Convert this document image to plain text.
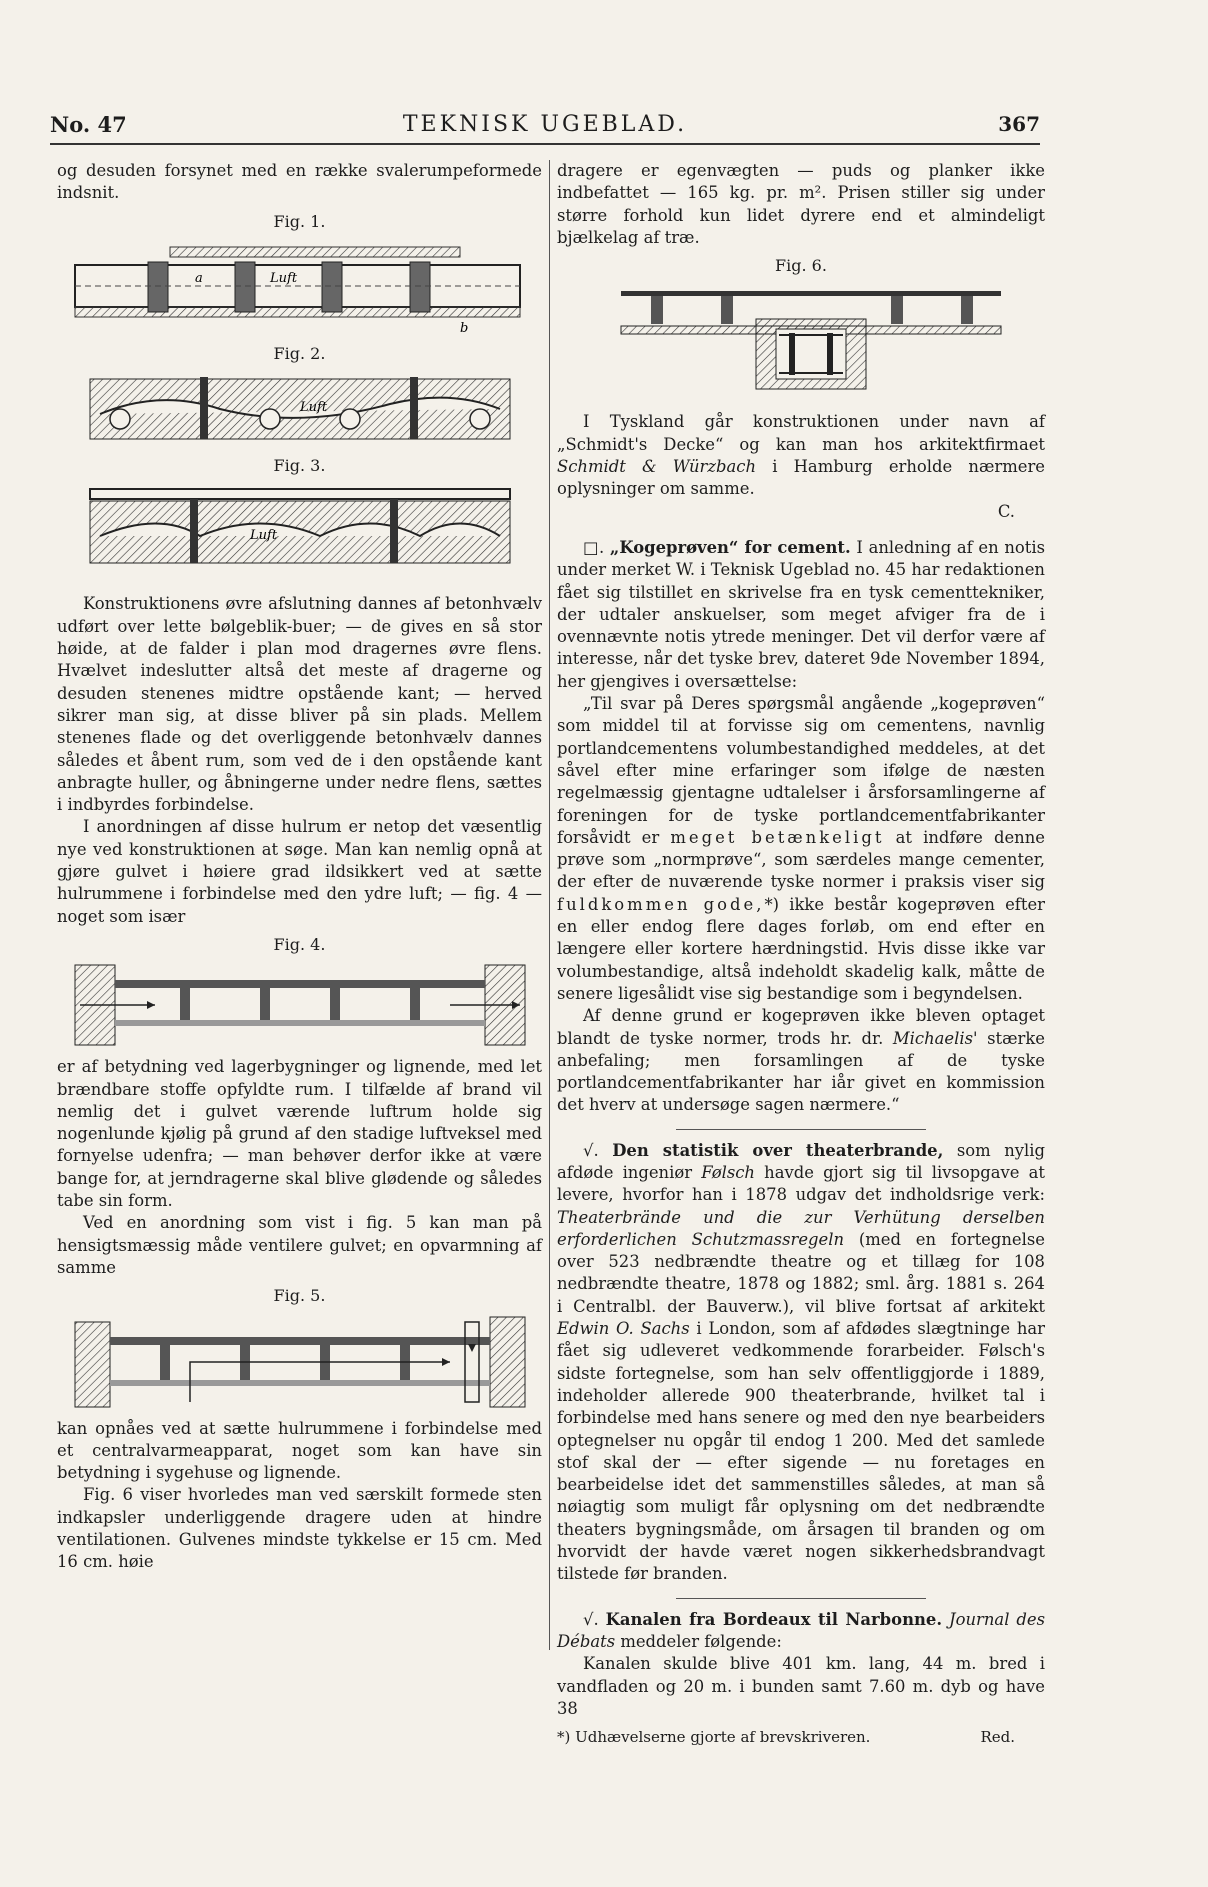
No. 47	TEKNISK UGEBLAD.	367

og desuden forsynet med en række svalerumpeformede indsnit.

Fig. 1.
a	Luft
b
Fig. 2.
Luft
Fig. 3.
Luft

Konstruktionens øvre afslutning dannes af betonhvælv udført over lette bølgeblik-buer; — de gives en så stor høide, at de falder i plan mod dragernes øvre flens. Hvælvet indeslutter altså det meste af dragerne og desuden stenenes midtre opstående kant; — herved sikrer man sig, at disse bliver på sin plads. Mellem stenenes flade og det overliggende betonhvælv dannes således et åbent rum, som ved de i den opstående kant anbragte huller, og åbningerne under nedre flens, sættes i indbyrdes forbindelse.

I anordningen af disse hulrum er netop det væsentlig nye ved konstruktionen at søge. Man kan nemlig opnå at gjøre gulvet i høiere grad ildsikkert ved at sætte hulrummene i forbindelse med den ydre luft; — fig. 4 — noget som især

Fig. 4.

er af betydning ved lagerbygninger og lignende, med let brændbare stoffe opfyldte rum. I tilfælde af brand vil nemlig det i gulvet værende luftrum holde sig nogenlunde kjølig på grund af den stadige luftveksel med fornyelse udenfra; — man behøver derfor ikke at være bange for, at jerndragerne skal blive glødende og således tabe sin form.

Ved en anordning som vist i fig. 5 kan man på hensigtsmæssig måde ventilere gulvet; en opvarmning af samme

Fig. 5.

kan opnåes ved at sætte hulrummene i forbindelse med et centralvarmeapparat, noget som kan have sin betydning i sygehuse og lignende.

Fig. 6 viser hvorledes man ved særskilt formede sten indkapsler underliggende dragere uden at hindre ventilationen. Gulvenes mindste tykkelse er 15 cm. Med 16 cm. høie

dragere er egenvægten — puds og planker ikke indbefattet — 165 kg. pr. m². Prisen stiller sig under større forhold kun lidet dyrere end et almindeligt bjælkelag af træ.

Fig. 6.

I Tyskland går konstruktionen under navn af „Schmidt's Decke“ og kan man hos arkitektfirmaet Schmidt & Würzbach i Hamburg erholde nærmere oplysninger om samme.

C.

□. „Kogeprøven“ for cement. I anledning af en notis under merket W. i Teknisk Ugeblad no. 45 har redaktionen fået sig tilstillet en skrivelse fra en tysk cementtekniker, der udtaler anskuelser, som meget afviger fra de i ovennævnte notis ytrede meninger. Det vil derfor være af interesse, når det tyske brev, dateret 9de November 1894, her gjengives i oversættelse:

„Til svar på Deres spørgsmål angående „kogeprøven“ som middel til at forvisse sig om cementens, navnlig portlandcementens volumbestandighed meddeles, at det såvel efter mine erfaringer som ifølge de næsten regelmæssig gjentagne udtalelser i årsforsamlingerne af foreningen for de tyske portlandcementfabrikanter forsåvidt er meget betænkeligt at indføre denne prøve som „normprøve“, som særdeles mange cementer, der efter de nuværende tyske normer i praksis viser sig fuldkommen gode,*) ikke består kogeprøven efter en eller endog flere dages forløb, om end efter en længere eller kortere hærdningstid. Hvis disse ikke var volumbestandige, altså indeholdt skadelig kalk, måtte de senere ligesålidt vise sig bestandige som i begyndelsen.

Af denne grund er kogeprøven ikke bleven optaget blandt de tyske normer, trods hr. dr. Michaelis' stærke anbefaling; men forsamlingen af de tyske portlandcementfabrikanter har iår givet en kommission det hverv at undersøge sagen nærmere.“

√. Den statistik over theaterbrande, som nylig afdøde ingeniør Følsch havde gjort sig til livsopgave at levere, hvorfor han i 1878 udgav det indholdsrige verk: Theaterbrände und die zur Verhütung derselben erforderlichen Schutzmassregeln (med en fortegnelse over 523 nedbrændte theatre og et tillæg for 108 nedbrændte theatre, 1878 og 1882; sml. årg. 1881 s. 264 i Centralbl. der Bauverw.), vil blive fortsat af arkitekt Edwin O. Sachs i London, som af afdødes slægtninge har fået sig udleveret vedkommende forarbeider. Følsch's sidste fortegnelse, som han selv offentliggjorde i 1889, indeholder allerede 900 theaterbrande, hvilket tal i forbindelse med hans senere og med den nye bearbeiders optegnelser nu opgår til endog 1 200. Med det samlede stof skal der — efter sigende — nu foretages en bearbeidelse idet det sammenstilles således, at man så nøiagtig som muligt får oplysning om det nedbrændte theaters bygningsmåde, om årsagen til branden og om hvorvidt der havde været nogen sikkerhedsbrandvagt tilstede før branden.

√. Kanalen fra Bordeaux til Narbonne. Journal des Débats meddeler følgende:

Kanalen skulde blive 401 km. lang, 44 m. bred i vandfladen og 20 m. i bunden samt 7.60 m. dyb og have 38

*) Udhævelserne gjorte af brevskriveren.	Red.
